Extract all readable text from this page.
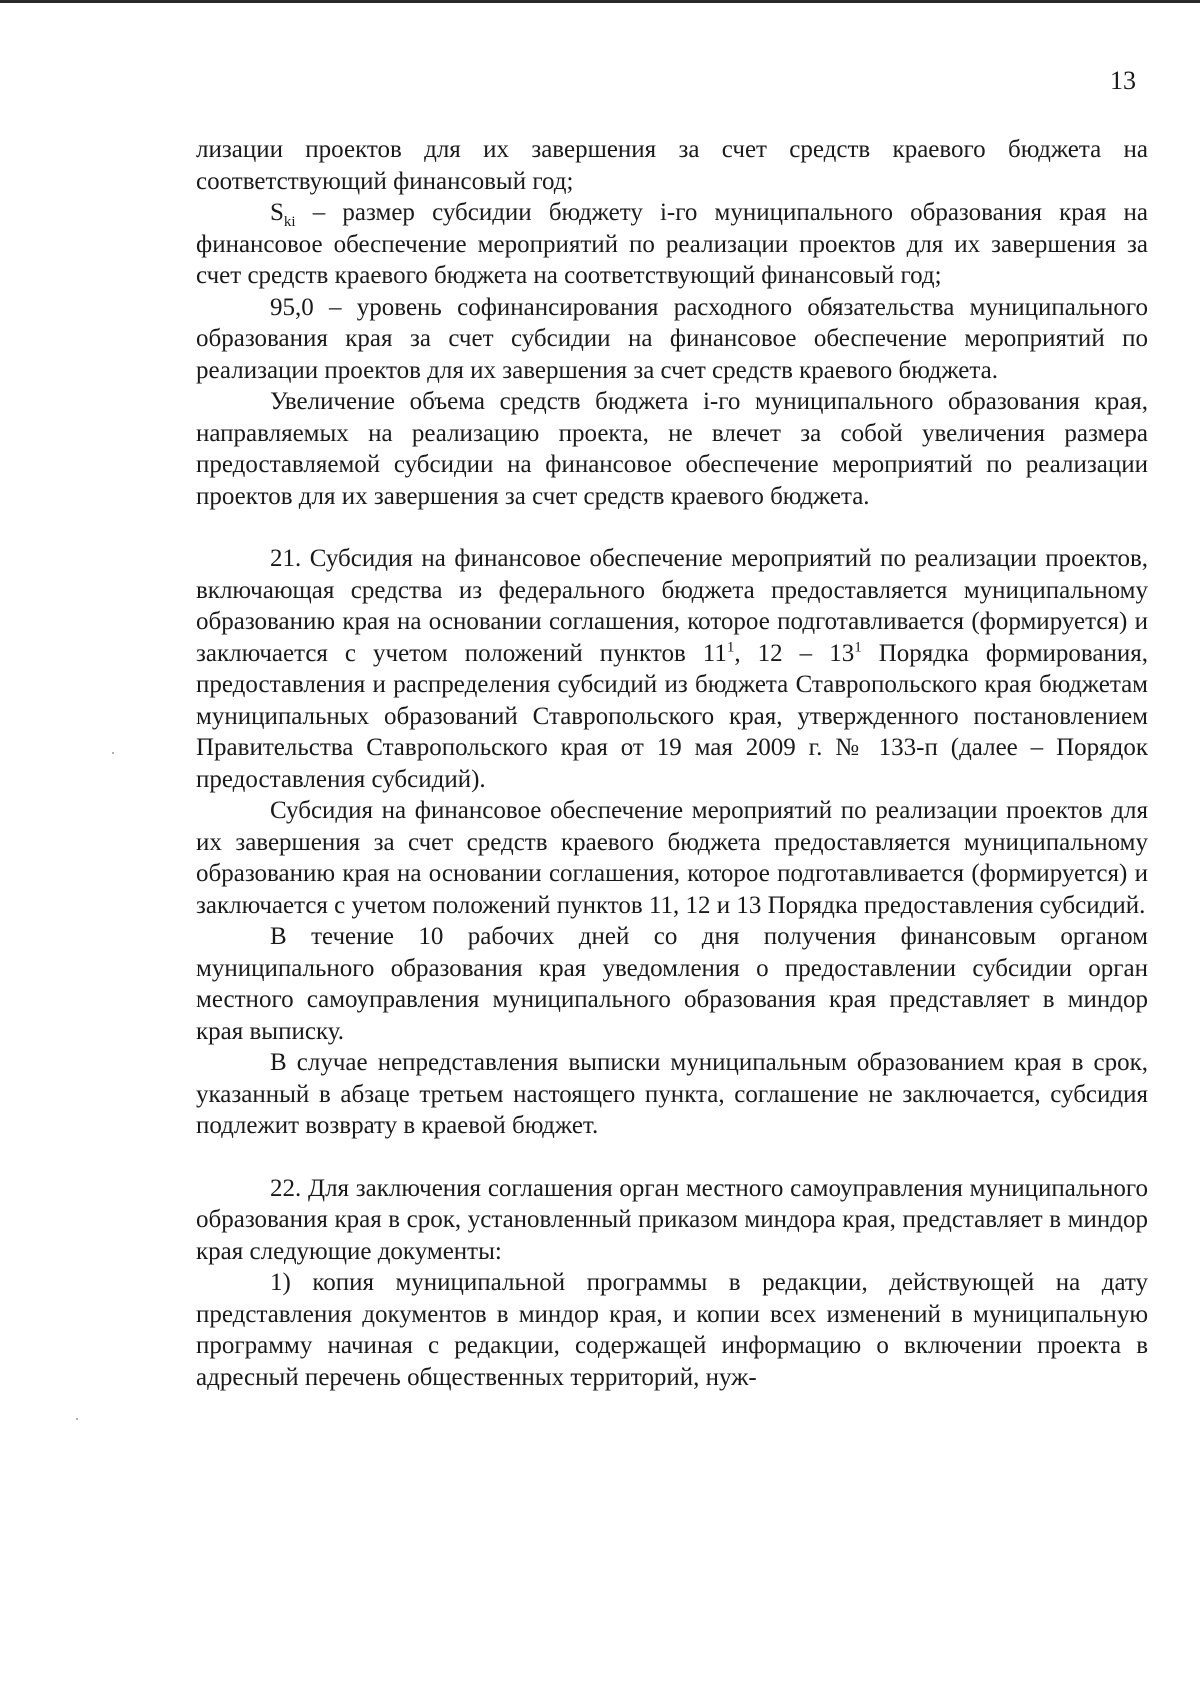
13

лизации проектов для их завершения за счет средств краевого бюджета на соответствующий финансовый год;

$S_{ki}$ – размер субсидии бюджету i-го муниципального образования края на финансовое обеспечение мероприятий по реализации проектов для их завершения за счет средств краевого бюджета на соответствующий финансовый год;

95,0 – уровень софинансирования расходного обязательства муниципального образования края за счет субсидии на финансовое обеспечение мероприятий по реализации проектов для их завершения за счет средств краевого бюджета.

Увеличение объема средств бюджета i-го муниципального образования края, направляемых на реализацию проекта, не влечет за собой увеличения размера предоставляемой субсидии на финансовое обеспечение мероприятий по реализации проектов для их завершения за счет средств краевого бюджета.

21. Субсидия на финансовое обеспечение мероприятий по реализации проектов, включающая средства из федерального бюджета предоставляется муниципальному образованию края на основании соглашения, которое подготавливается (формируется) и заключается с учетом положений пунктов $11^1$, $12 - 13^1$ Порядка формирования, предоставления и распределения субсидий из бюджета Ставропольского края бюджетам муниципальных образований Ставропольского края, утвержденного постановлением Правительства Ставропольского края от 19 мая 2009 г. № 133-п (далее – Порядок предоставления субсидий).

Субсидия на финансовое обеспечение мероприятий по реализации проектов для их завершения за счет средств краевого бюджета предоставляется муниципальному образованию края на основании соглашения, которое подготавливается (формируется) и заключается с учетом положений пунктов 11, 12 и 13 Порядка предоставления субсидий.

В течение 10 рабочих дней со дня получения финансовым органом муниципального образования края уведомления о предоставлении субсидии орган местного самоуправления муниципального образования края представляет в миндор края выписку.

В случае непредставления выписки муниципальным образованием края в срок, указанный в абзаце третьем настоящего пункта, соглашение не заключается, субсидия подлежит возврату в краевой бюджет.

22. Для заключения соглашения орган местного самоуправления муниципального образования края в срок, установленный приказом миндора края, представляет в миндор края следующие документы:

1) копия муниципальной программы в редакции, действующей на дату представления документов в миндор края, и копии всех изменений в муниципальную программу начиная с редакции, содержащей информацию о включении проекта в адресный перечень общественных территорий, нуж-
